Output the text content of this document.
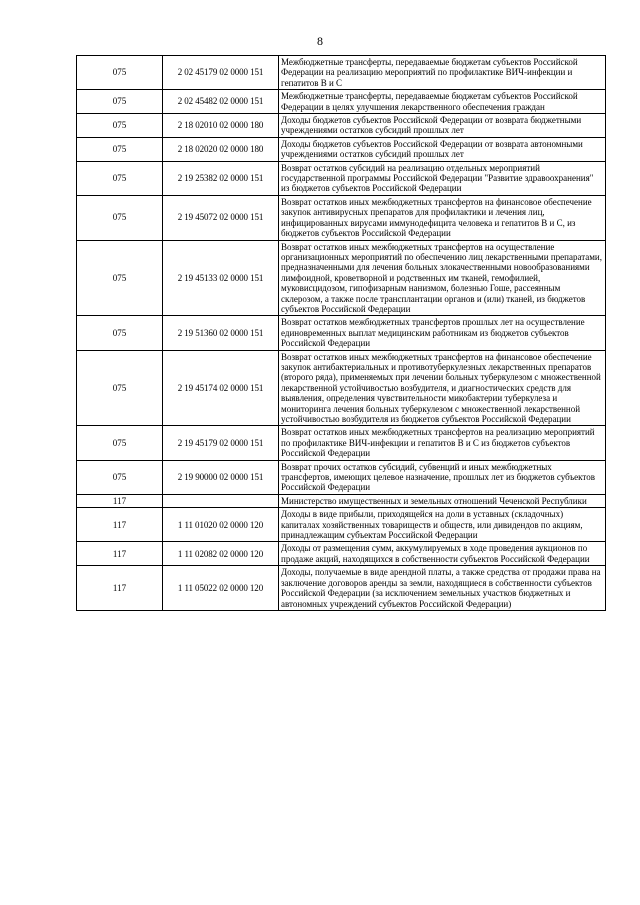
8
075	2 02 45179 02 0000 151	Межбюджетные трансферты, передаваемые бюджетам субъектов Российской Федерации на реализацию мероприятий по профилактике ВИЧ-инфекции и гепатитов В и С
075	2 02 45482 02 0000 151	Межбюджетные трансферты, передаваемые бюджетам субъектов Российской Федерации в целях улучшения лекарственного обеспечения граждан
075	2 18 02010 02 0000 180	Доходы бюджетов субъектов Российской Федерации от возврата бюджетными учреждениями остатков субсидий прошлых лет
075	2 18 02020 02 0000 180	Доходы бюджетов субъектов Российской Федерации от возврата автономными учреждениями остатков субсидий прошлых лет
075	2 19 25382 02 0000 151	Возврат остатков субсидий на реализацию отдельных мероприятий государственной программы Российской Федерации "Развитие здравоохранения" из бюджетов субъектов Российской Федерации
075	2 19 45072 02 0000 151	Возврат остатков иных межбюджетных трансфертов на финансовое обеспечение закупок антивирусных препаратов для профилактики и лечения лиц, инфицированных вирусами иммунодефицита человека и гепатитов В и С, из бюджетов субъектов Российской Федерации
075	2 19 45133 02 0000 151	Возврат остатков иных межбюджетных трансфертов на осуществление организационных мероприятий по обеспечению лиц лекарственными препаратами, предназначенными для лечения больных злокачественными новообразованиями лимфоидной, кроветворной и родственных им тканей, гемофилией, муковисцидозом, гипофизарным нанизмом, болезнью Гоше, рассеянным склерозом, а также после трансплантации органов и (или) тканей, из бюджетов субъектов Российской Федерации
075	2 19 51360 02 0000 151	Возврат остатков межбюджетных трансфертов прошлых лет на осуществление единовременных выплат медицинским работникам из бюджетов субъектов Российской Федерации
075	2 19 45174 02 0000 151	Возврат остатков иных межбюджетных трансфертов на финансовое обеспечение закупок антибактериальных и противотуберкулезных лекарственных препаратов (второго ряда), применяемых при лечении больных туберкулезом с множественной лекарственной устойчивостью возбудителя, и диагностических средств для выявления, определения чувствительности микобактерии туберкулеза и мониторинга лечения больных туберкулезом с множественной лекарственной устойчивостью возбудителя из бюджетов субъектов Российской Федерации
075	2 19 45179 02 0000 151	Возврат остатков иных межбюджетных трансфертов на реализацию мероприятий по профилактике ВИЧ-инфекции и гепатитов В и С из бюджетов субъектов Российской Федерации
075	2 19 90000 02 0000 151	Возврат прочих остатков субсидий, субвенций и иных межбюджетных трансфертов, имеющих целевое назначение, прошлых лет из бюджетов субъектов Российской Федерации
117		Министерство имущественных и земельных отношений Чеченской Республики
117	1 11 01020 02 0000 120	Доходы в виде прибыли, приходящейся на доли в уставных (складочных) капиталах хозяйственных товариществ и обществ, или дивидендов по акциям, принадлежащим субъектам Российской Федерации
117	1 11 02082 02 0000 120	Доходы от размещения сумм, аккумулируемых в ходе проведения аукционов по продаже акций, находящихся в собственности субъектов Российской Федерации
117	1 11 05022 02 0000 120	Доходы, получаемые в виде арендной платы, а также средства от продажи права на заключение договоров аренды за земли, находящиеся в собственности субъектов Российской Федерации (за исключением земельных участков бюджетных и автономных учреждений субъектов Российской Федерации)
